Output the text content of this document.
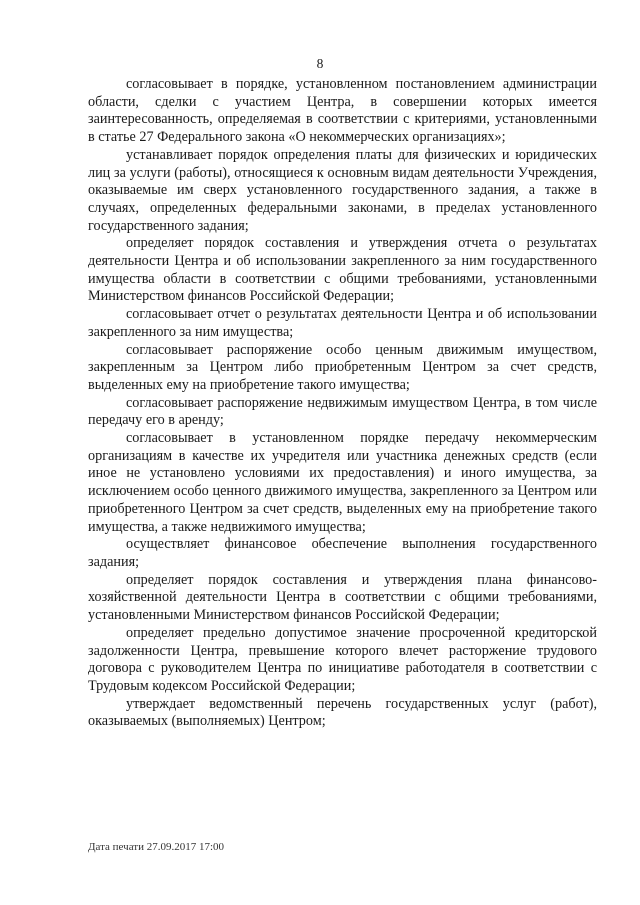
8

согласовывает в порядке, установленном постановлением администрации области, сделки с участием Центра, в совершении которых имеется заинтересованность, определяемая в соответствии с критериями, установленными в статье 27 Федерального закона «О некоммерческих организациях»;

устанавливает порядок определения платы для физических и юридических лиц за услуги (работы), относящиеся к основным видам деятельности Учреждения, оказываемые им сверх установленного государственного задания, а также в случаях, определенных федеральными законами, в пределах установленного государственного задания;

определяет порядок составления и утверждения отчета о результатах деятельности Центра и об использовании закрепленного за ним государственного имущества области в соответствии с общими требованиями, установленными Министерством финансов Российской Федерации;

согласовывает отчет о результатах деятельности Центра и об использовании закрепленного за ним имущества;

согласовывает распоряжение особо ценным движимым имуществом, закрепленным за Центром либо приобретенным Центром за счет средств, выделенных ему на приобретение такого имущества;

согласовывает распоряжение недвижимым имуществом Центра, в том числе передачу его в аренду;

согласовывает в установленном порядке передачу некоммерческим организациям в качестве их учредителя или участника денежных средств (если иное не установлено условиями их предоставления) и иного имущества, за исключением особо ценного движимого имущества, закрепленного за Центром или приобретенного Центром за счет средств, выделенных ему на приобретение такого имущества, а также недвижимого имущества;

осуществляет финансовое обеспечение выполнения государственного задания;

определяет порядок составления и утверждения плана финансово-хозяйственной деятельности Центра в соответствии с общими требованиями, установленными Министерством финансов Российской Федерации;

определяет предельно допустимое значение просроченной кредиторской задолженности Центра, превышение которого влечет расторжение трудового договора с руководителем Центра по инициативе работодателя в соответствии с Трудовым кодексом Российской Федерации;

утверждает ведомственный перечень государственных услуг (работ), оказываемых (выполняемых) Центром;

Дата печати 27.09.2017 17:00
